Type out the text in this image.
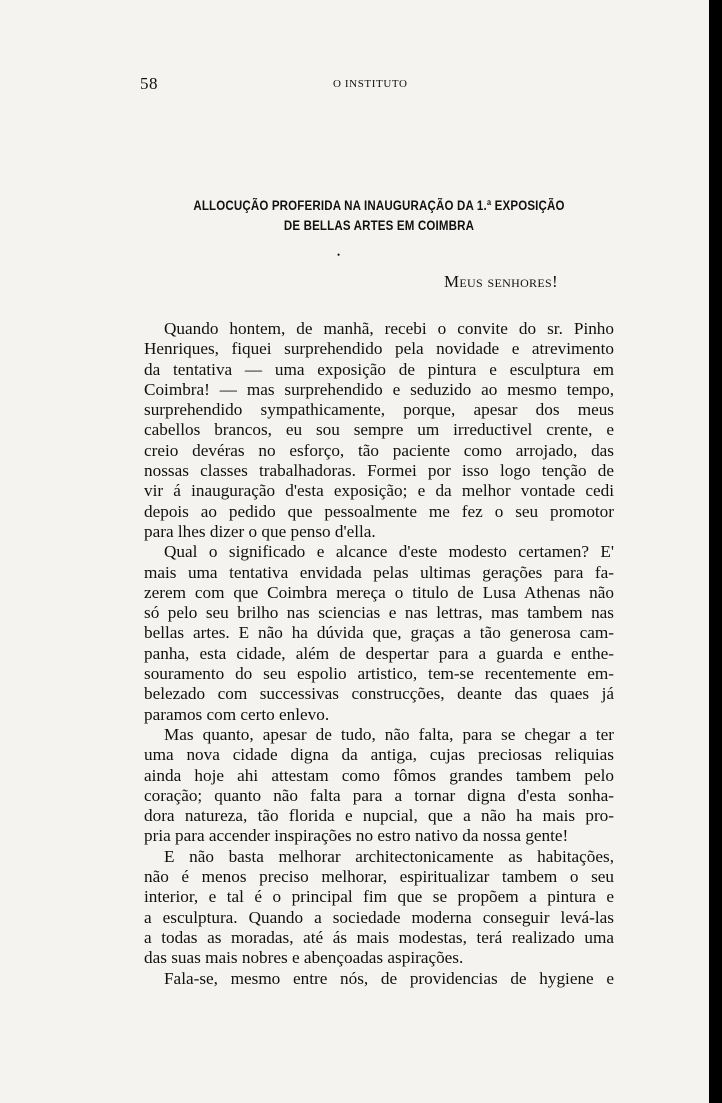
58	O INSTITUTO
ALLOCUÇÃO PROFERIDA NA INAUGURAÇÃO DA 1.ª EXPOSIÇÃO
DE BELLAS ARTES EM COIMBRA
•
Meus senhores!
Quando hontem, de manhã, recebi o convite do sr. Pinho
Henriques, fiquei surprehendido pela novidade e atrevimento
da tentativa — uma exposição de pintura e esculptura em
Coimbra! — mas surprehendido e seduzido ao mesmo tempo,
surprehendido sympathicamente, porque, apesar dos meus
cabellos brancos, eu sou sempre um irreductivel crente, e
creio devéras no esforço, tão paciente como arrojado, das
nossas classes trabalhadoras. Formei por isso logo tenção de
vir á inauguração d'esta exposição; e da melhor vontade cedi
depois ao pedido que pessoalmente me fez o seu promotor
para lhes dizer o que penso d'ella.
Qual o significado e alcance d'este modesto certamen? E'
mais uma tentativa envidada pelas ultimas gerações para fa-
zerem com que Coimbra mereça o titulo de Lusa Athenas não
só pelo seu brilho nas sciencias e nas lettras, mas tambem nas
bellas artes. E não ha dúvida que, graças a tão generosa cam-
panha, esta cidade, além de despertar para a guarda e enthe-
souramento do seu espolio artistico, tem-se recentemente em-
belezado com successivas construcções, deante das quaes já
paramos com certo enlevo.
Mas quanto, apesar de tudo, não falta, para se chegar a ter
uma nova cidade digna da antiga, cujas preciosas reliquias
ainda hoje ahi attestam como fômos grandes tambem pelo
coração; quanto não falta para a tornar digna d'esta sonha-
dora natureza, tão florida e nupcial, que a não ha mais pro-
pria para accender inspirações no estro nativo da nossa gente!
E não basta melhorar architectonicamente as habitações,
não é menos preciso melhorar, espiritualizar tambem o seu
interior, e tal é o principal fim que se propõem a pintura e
a esculptura. Quando a sociedade moderna conseguir levá-las
a todas as moradas, até ás mais modestas, terá realizado uma
das suas mais nobres e abençoadas aspirações.
Fala-se, mesmo entre nós, de providencias de hygiene e
